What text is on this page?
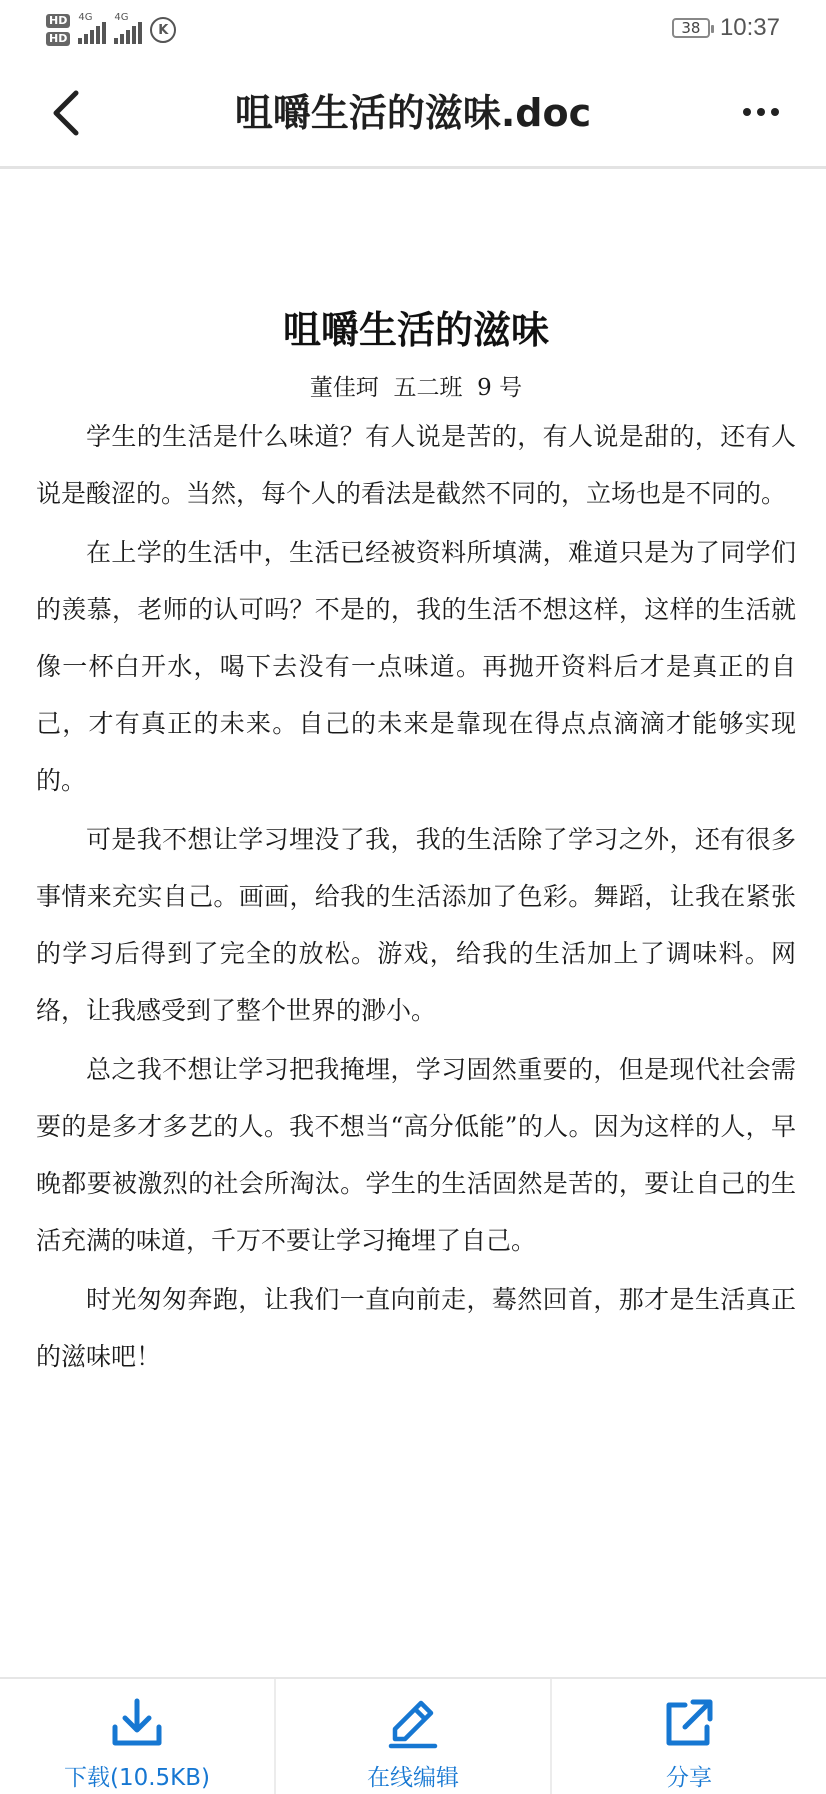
HD
HD
4G 4G
K	38 10:37
咀嚼生活的滋味.doc
咀嚼生活的滋味
董佳珂  五二班  9 号

学生的生活是什么味道？有人说是苦的，有人说是甜的，还有人说是酸涩的。当然，每个人的看法是截然不同的，立场也是不同的。

在上学的生活中，生活已经被资料所填满，难道只是为了同学们的羡慕，老师的认可吗？不是的，我的生活不想这样，这样的生活就像一杯白开水，喝下去没有一点味道。再抛开资料后才是真正的自己，才有真正的未来。自己的未来是靠现在得点点滴滴才能够实现的。

可是我不想让学习埋没了我，我的生活除了学习之外，还有很多事情来充实自己。画画，给我的生活添加了色彩。舞蹈，让我在紧张的学习后得到了完全的放松。游戏，给我的生活加上了调味料。网络，让我感受到了整个世界的渺小。

总之我不想让学习把我掩埋，学习固然重要的，但是现代社会需要的是多才多艺的人。我不想当“高分低能”的人。因为这样的人，早晚都要被激烈的社会所淘汰。学生的生活固然是苦的，要让自己的生活充满的味道，千万不要让学习掩埋了自己。

时光匆匆奔跑，让我们一直向前走，蓦然回首，那才是生活真正的滋味吧！

下载(10.5KB)	在线编辑	分享
